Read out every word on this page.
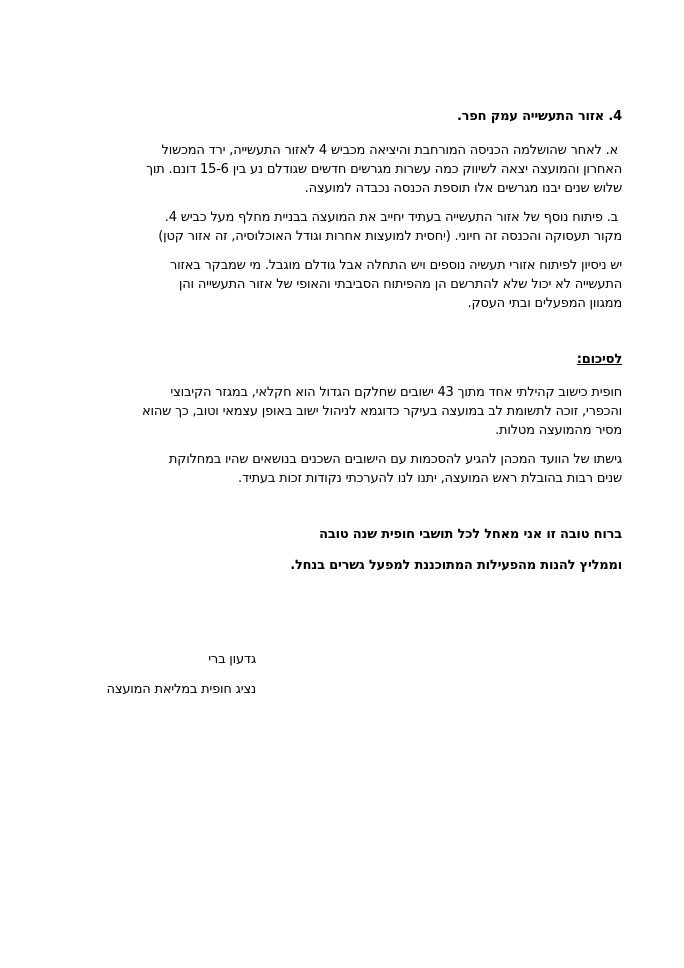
4. אזור התעשייה עמק חפר.
א. לאחר שהושלמה הכניסה המורחבת והיציאה מכביש 4 לאזור התעשייה, ירד המכשול
האחרון והמועצה יצאה לשיווק כמה עשרות מגרשים חדשים שגודלם נע בין 15-6 דונם. תוך
שלוש שנים יבנו מגרשים אלו תוספת הכנסה נכבדה למועצה.
ב. פיתוח נוסף של אזור התעשייה בעתיד יחייב את המועצה בבניית מחלף מעל כביש 4.
מקור תעסוקה והכנסה זה חיוני. (יחסית למועצות אחרות וגודל האוכלוסיה, זה אזור קטן)
יש ניסיון לפיתוח אזורי תעשיה נוספים ויש התחלה אבל גודלם מוגבל. מי שמבקר באזור
התעשייה לא יכול שלא להתרשם הן מהפיתוח הסביבתי והאופי של אזור התעשייה והן
ממגוון המפעלים ובתי העסק.
לסיכום:
חופית כישוב קהילתי אחד מתוך 43 ישובים שחלקם הגדול הוא חקלאי, במגזר הקיבוצי
והכפרי, זוכה לתשומת לב במועצה בעיקר כדוגמא לניהול ישוב באופן עצמאי וטוב, כך שהוא
מסיר מהמועצה מטלות.
גישתו של הוועד המכהן להגיע להסכמות עם הישובים השכנים בנושאים שהיו במחלוקת
שנים רבות בהובלת ראש המועצה, יתנו לנו להערכתי נקודות זכות בעתיד.
ברוח טובה זו אני מאחל לכל תושבי חופית שנה טובה
וממליץ להנות מהפעילות המתוכננת למפעל גשרים בנחל.
גדעון ברי
נציג חופית במליאת המועצה
